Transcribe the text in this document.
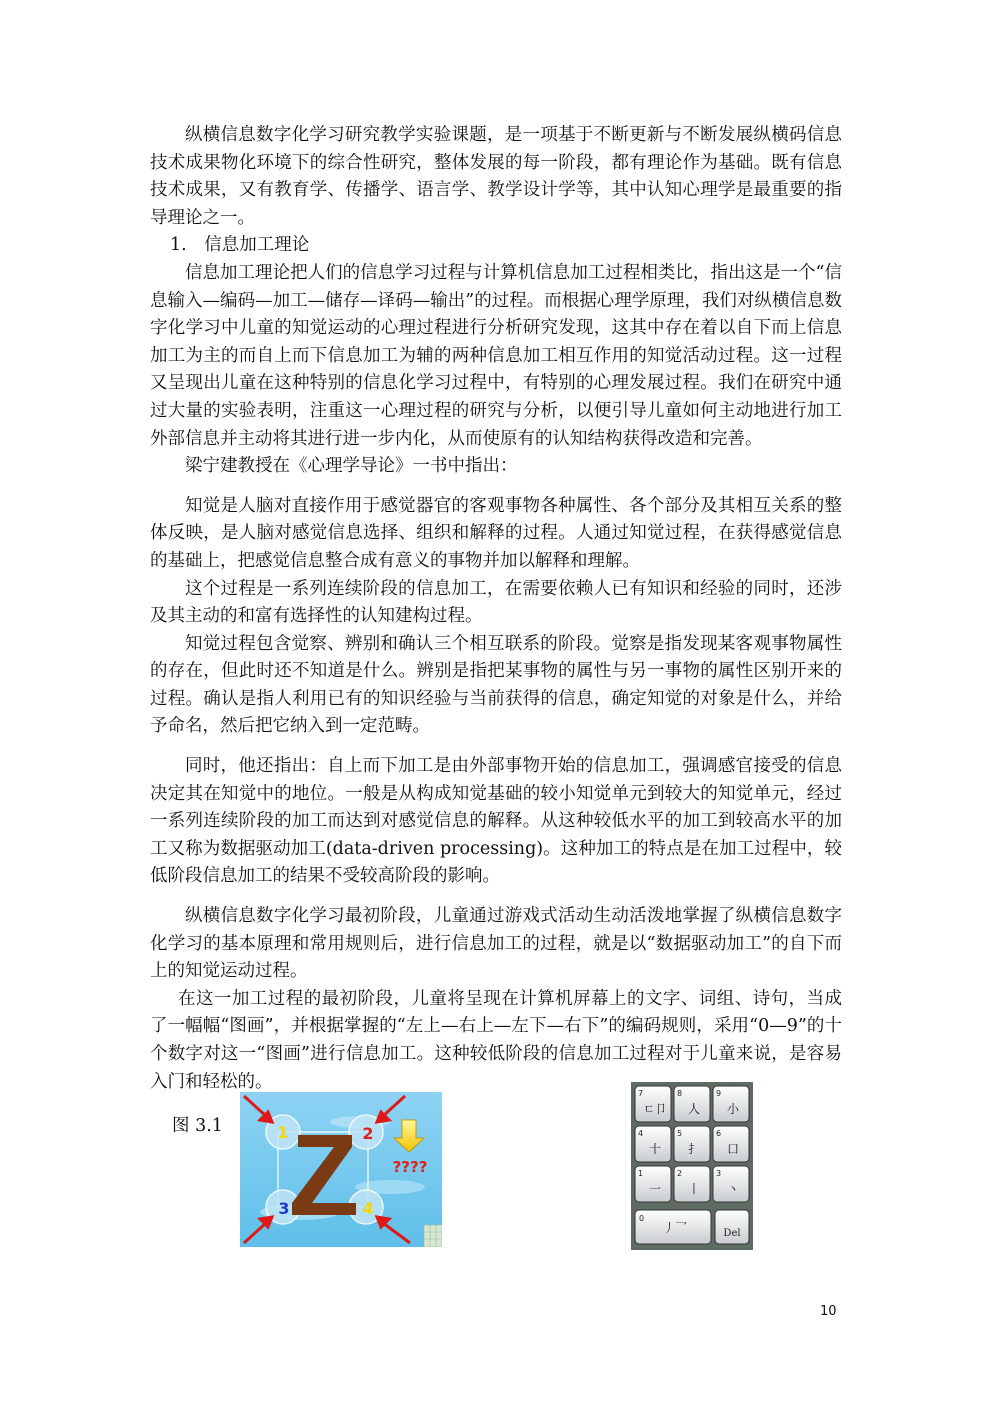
纵横信息数字化学习研究教学实验课题，是一项基于不断更新与不断发展纵横码信息技术成果物化环境下的综合性研究，整体发展的每一阶段，都有理论作为基础。既有信息技术成果，又有教育学、传播学、语言学、教学设计学等，其中认知心理学是最重要的指导理论之一。

1.　信息加工理论

信息加工理论把人们的信息学习过程与计算机信息加工过程相类比，指出这是一个“信息输入—编码—加工—储存—译码—输出”的过程。而根据心理学原理，我们对纵横信息数字化学习中儿童的知觉运动的心理过程进行分析研究发现，这其中存在着以自下而上信息加工为主的而自上而下信息加工为辅的两种信息加工相互作用的知觉活动过程。这一过程又呈现出儿童在这种特别的信息化学习过程中，有特别的心理发展过程。我们在研究中通过大量的实验表明，注重这一心理过程的研究与分析，以便引导儿童如何主动地进行加工外部信息并主动将其进行进一步内化，从而使原有的认知结构获得改造和完善。

梁宁建教授在《心理学导论》一书中指出：

知觉是人脑对直接作用于感觉器官的客观事物各种属性、各个部分及其相互关系的整体反映，是人脑对感觉信息选择、组织和解释的过程。人通过知觉过程，在获得感觉信息的基础上，把感觉信息整合成有意义的事物并加以解释和理解。

这个过程是一系列连续阶段的信息加工，在需要依赖人已有知识和经验的同时，还涉及其主动的和富有选择性的认知建构过程。

知觉过程包含觉察、辨别和确认三个相互联系的阶段。觉察是指发现某客观事物属性的存在，但此时还不知道是什么。辨别是指把某事物的属性与另一事物的属性区别开来的过程。确认是指人利用已有的知识经验与当前获得的信息，确定知觉的对象是什么，并给予命名，然后把它纳入到一定范畴。

同时，他还指出：自上而下加工是由外部事物开始的信息加工，强调感官接受的信息决定其在知觉中的地位。一般是从构成知觉基础的较小知觉单元到较大的知觉单元，经过一系列连续阶段的加工而达到对感觉信息的解释。从这种较低水平的加工到较高水平的加工又称为数据驱动加工(data-driven processing)。这种加工的特点是在加工过程中，较低阶段信息加工的结果不受较高阶段的影响。

纵横信息数字化学习最初阶段，儿童通过游戏式活动生动活泼地掌握了纵横信息数字化学习的基本原理和常用规则后，进行信息加工的过程，就是以“数据驱动加工”的自下而上的知觉运动过程。

在这一加工过程的最初阶段，儿童将呈现在计算机屏幕上的文字、词组、诗句，当成了一幅幅“图画”，并根据掌握的“左上—右上—左下—右下”的编码规则，采用“0—9”的十个数字对这一“图画”进行信息加工。这种较低阶段的信息加工过程对于儿童来说，是容易入门和轻松的。

图 3.1	1	2
3	4
????
7
ㄷ卩
8
人
9
小
4
十
5
扌
6
口
1
一
2
丨
3
丶
0
丿乛	Del
10
